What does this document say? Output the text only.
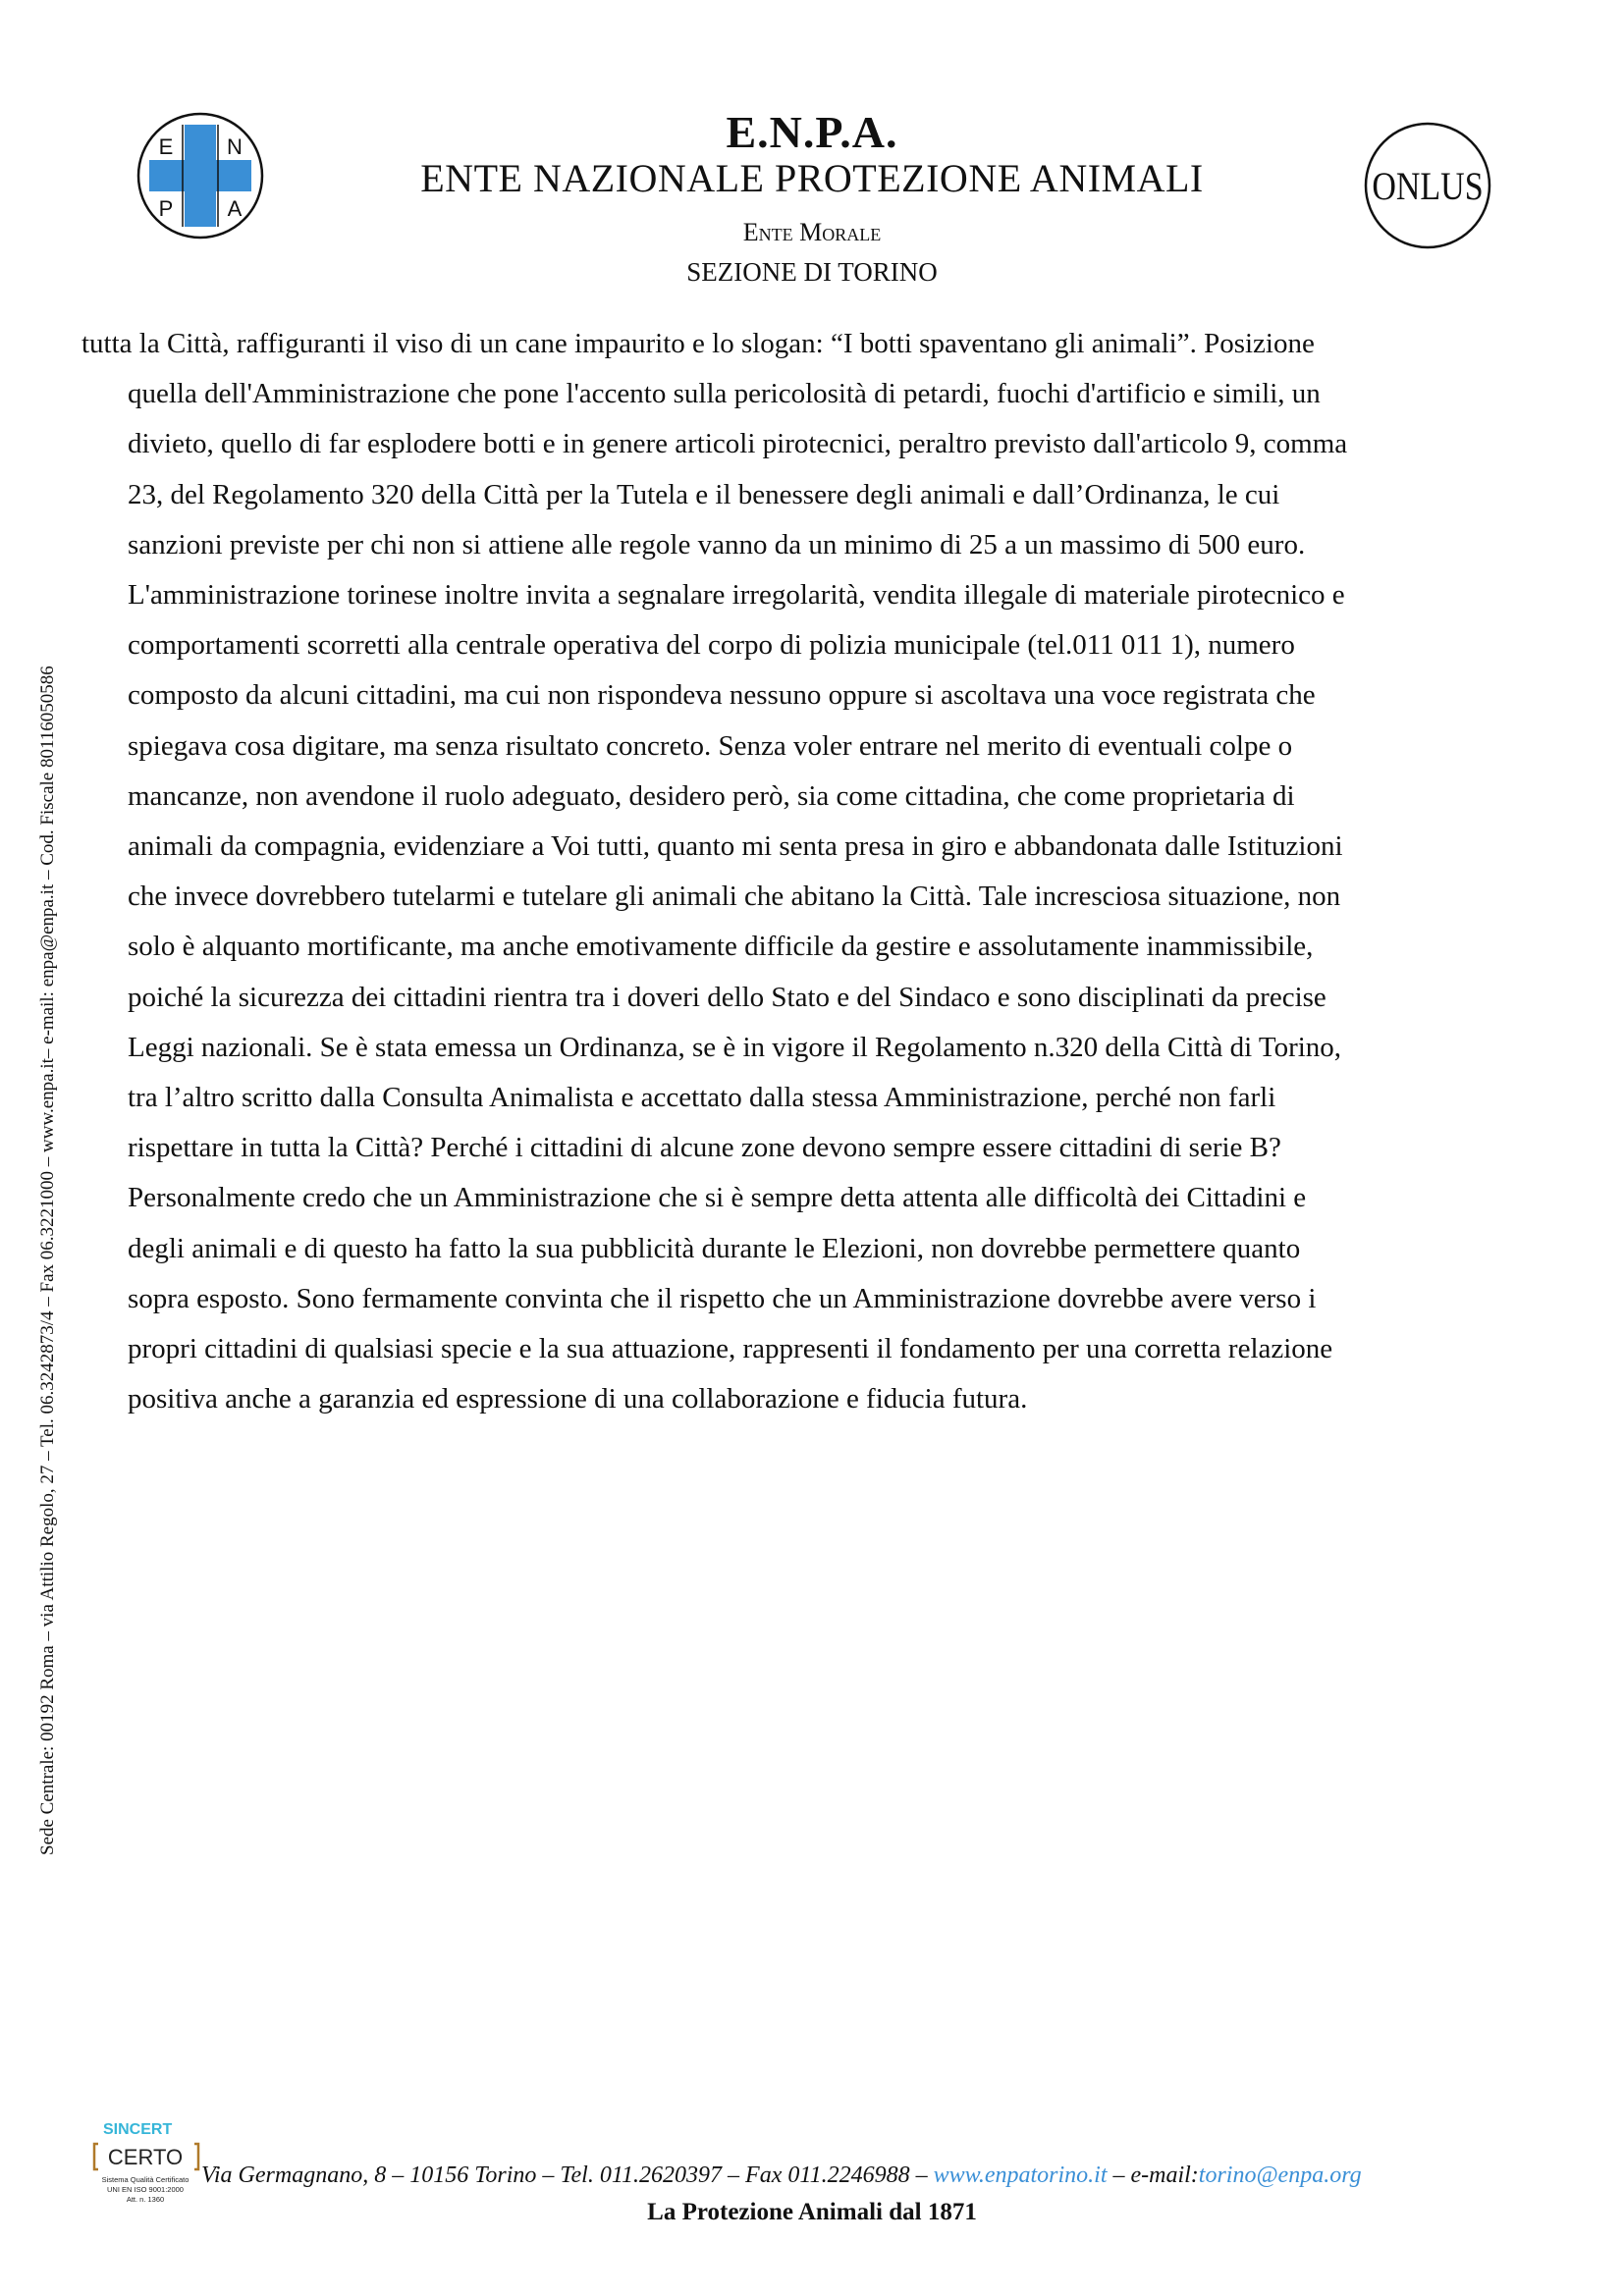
E N
P	A	ONLUS
E.N.P.A.
ENTE NAZIONALE PROTEZIONE ANIMALI
Ente Morale
SEZIONE DI TORINO
Sede Centrale: 00192 Roma – via Attilio Regolo, 27 – Tel. 06.3242873/4 – Fax 06.3221000 – www.enpa.it– e-mail: enpa@enpa.it – Cod. Fiscale 80116050586
tutta la Città, raffiguranti il viso di un cane impaurito e lo slogan: “I botti spaventano gli animali”. Posizione
quella dell'Amministrazione che pone l'accento sulla pericolosità di petardi, fuochi d'artificio e simili, un
divieto, quello di far esplodere botti e in genere articoli pirotecnici, peraltro previsto dall'articolo 9, comma
23, del Regolamento 320 della Città per la Tutela e il benessere degli animali e dall’Ordinanza, le cui
sanzioni previste per chi non si attiene alle regole vanno da un minimo di 25 a un massimo di 500 euro.
L'amministrazione torinese inoltre invita a segnalare irregolarità, vendita illegale di materiale pirotecnico e
comportamenti scorretti alla centrale operativa del corpo di polizia municipale (tel.011 011 1), numero
composto da alcuni cittadini, ma cui non rispondeva nessuno oppure si ascoltava una voce registrata che
spiegava cosa digitare, ma senza risultato concreto. Senza voler entrare nel merito di eventuali colpe o
mancanze, non avendone il ruolo adeguato, desidero però, sia come cittadina, che come proprietaria di
animali da compagnia, evidenziare a Voi tutti, quanto mi senta presa in giro e abbandonata dalle Istituzioni
che invece dovrebbero tutelarmi e tutelare gli animali che abitano la Città. Tale incresciosa situazione, non
solo è alquanto mortificante, ma anche emotivamente difficile da gestire e assolutamente inammissibile,
poiché la sicurezza dei cittadini rientra tra i doveri dello Stato e del Sindaco e sono disciplinati da precise
Leggi nazionali. Se è stata emessa un Ordinanza, se è in vigore il Regolamento n.320 della Città di Torino,
tra l’altro scritto dalla Consulta Animalista e accettato dalla stessa Amministrazione, perché non farli
rispettare in tutta la Città? Perché i cittadini di alcune zone devono sempre essere cittadini di serie B?
Personalmente credo che un Amministrazione che si è sempre detta attenta alle difficoltà dei Cittadini e
degli animali e di questo ha fatto la sua pubblicità durante le Elezioni, non dovrebbe permettere quanto
sopra esposto. Sono fermamente convinta che il rispetto che un Amministrazione dovrebbe avere verso i
propri cittadini di qualsiasi specie e la sua attuazione, rappresenti il fondamento per una corretta relazione
positiva anche a garanzia ed espressione di una collaborazione e fiducia futura.
SINCERT
CERTO
Sistema Qualità Certificato
UNI EN ISO 9001:2000
Att. n. 1360
Via Germagnano, 8 – 10156 Torino – Tel. 011.2620397 – Fax 011.2246988 – www.enpatorino.it – e-mail:torino@enpa.org
La Protezione Animali dal 1871
